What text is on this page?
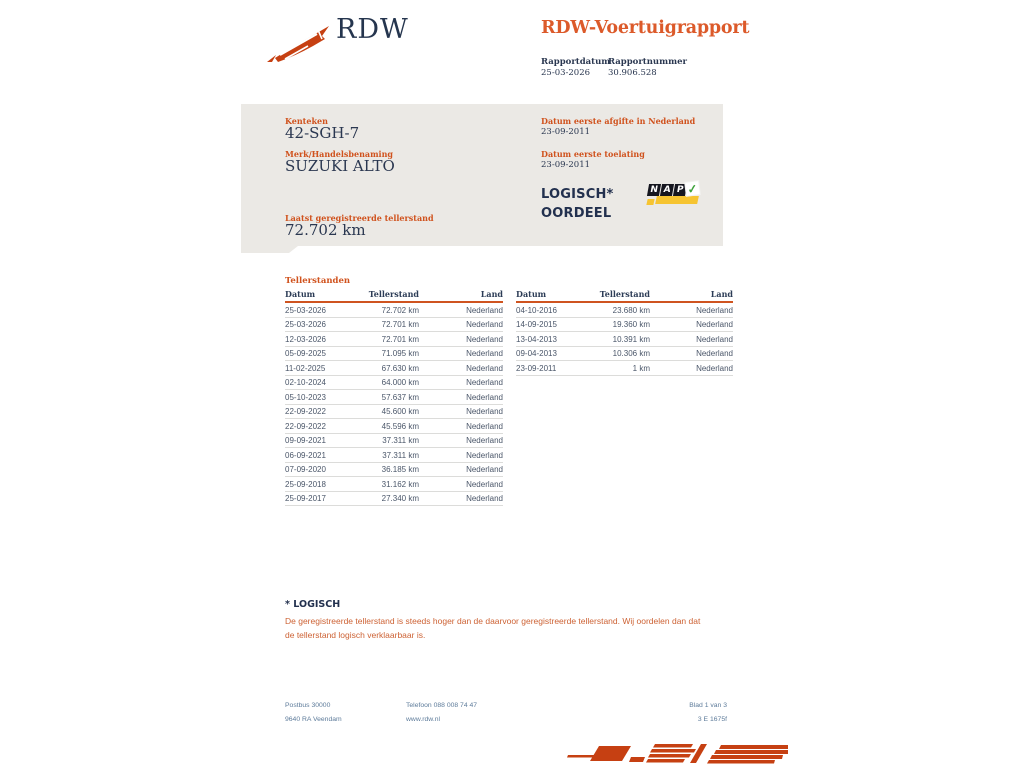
RDW	RDW-Voertuigrapport
Rapportdatum
25-03-2026
Rapportnummer
30.906.528
Kenteken
42-SGH-7
Merk/Handelsbenaming
SUZUKI ALTO
Laatst geregistreerde tellerstand
72.702 km
Datum eerste afgifte in Nederland
23-09-2011
Datum eerste toelating
23-09-2011
LOGISCH*
OORDEEL
N A P ✓
Tellerstanden
Datum	Tellerstand	Land
25-03-2026	72.702 km	Nederland
25-03-2026	72.701 km	Nederland
12-03-2026	72.701 km	Nederland
05-09-2025	71.095 km	Nederland
11-02-2025	67.630 km	Nederland
02-10-2024	64.000 km	Nederland
05-10-2023	57.637 km	Nederland
22-09-2022	45.600 km	Nederland
22-09-2022	45.596 km	Nederland
09-09-2021	37.311 km	Nederland
06-09-2021	37.311 km	Nederland
07-09-2020	36.185 km	Nederland
25-09-2018	31.162 km	Nederland
25-09-2017	27.340 km	Nederland
Datum	Tellerstand	Land
04-10-2016	23.680 km	Nederland
14-09-2015	19.360 km	Nederland
13-04-2013	10.391 km	Nederland
09-04-2013	10.306 km	Nederland
23-09-2011	1 km	Nederland
* LOGISCH
De geregistreerde tellerstand is steeds hoger dan de daarvoor geregistreerde tellerstand. Wij oordelen dan dat de tellerstand logisch verklaarbaar is.
Postbus 30000
9640 RA Veendam
Telefoon 088 008 74 47
www.rdw.nl
Blad 1 van 3
3 E 1675f
